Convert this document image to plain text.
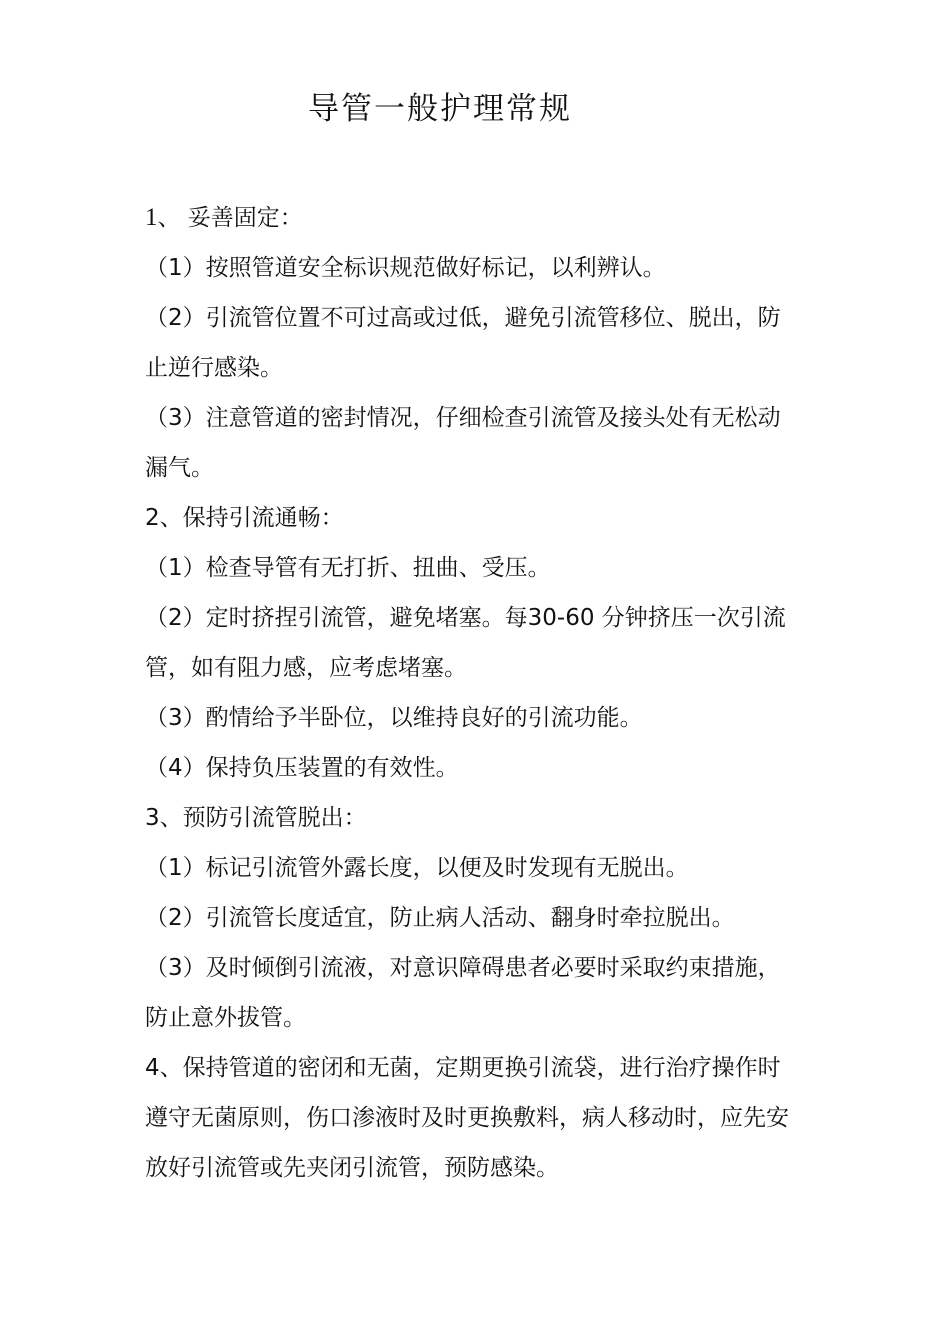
导管一般护理常规
1、 妥善固定：
（1）按照管道安全标识规范做好标记，以利辨认。
（2）引流管位置不可过高或过低，避免引流管移位、脱出，防
止逆行感染。
（3）注意管道的密封情况，仔细检查引流管及接头处有无松动
漏气。
2、保持引流通畅：
（1）检查导管有无打折、扭曲、受压。
（2）定时挤捏引流管，避免堵塞。每30-60 分钟挤压一次引流
管，如有阻力感，应考虑堵塞。
（3）酌情给予半卧位，以维持良好的引流功能。
（4）保持负压装置的有效性。
3、预防引流管脱出：
（1）标记引流管外露长度，以便及时发现有无脱出。
（2）引流管长度适宜，防止病人活动、翻身时牵拉脱出。
（3）及时倾倒引流液，对意识障碍患者必要时采取约束措施，
防止意外拔管。
4、保持管道的密闭和无菌，定期更换引流袋，进行治疗操作时
遵守无菌原则，伤口渗液时及时更换敷料，病人移动时，应先安
放好引流管或先夹闭引流管，预防感染。
